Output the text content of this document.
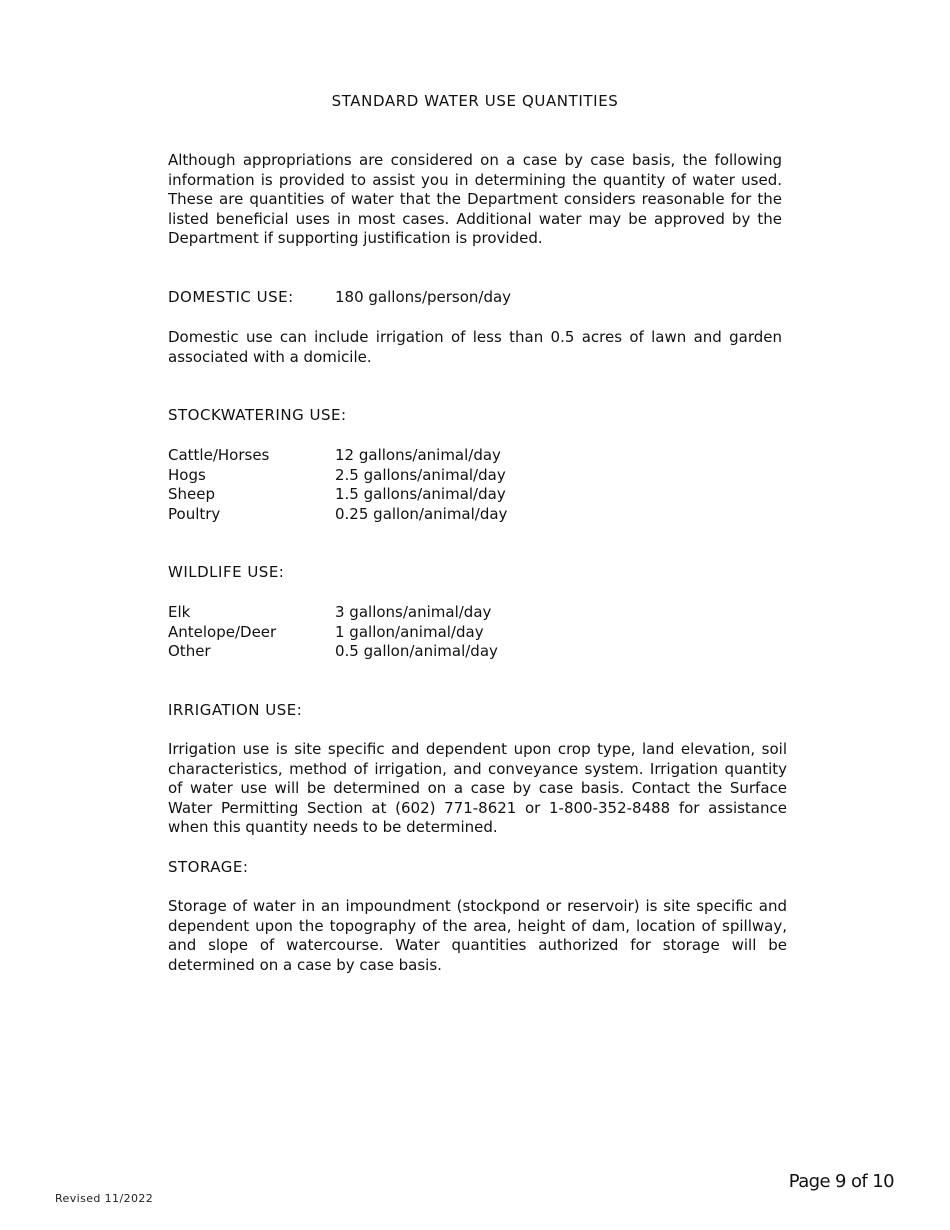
STANDARD WATER USE QUANTITIES
Although appropriations are considered on a case by case basis, the following information is provided to assist you in determining the quantity of water used. These are quantities of water that the Department considers reasonable for the listed beneficial uses in most cases. Additional water may be approved by the Department if supporting justification is provided.
DOMESTIC USE:	180 gallons/person/day
Domestic use can include irrigation of less than 0.5 acres of lawn and garden associated with a domicile.
STOCKWATERING USE:
Cattle/Horses	12 gallons/animal/day
Hogs	2.5 gallons/animal/day
Sheep	1.5 gallons/animal/day
Poultry	0.25 gallon/animal/day
WILDLIFE USE:
Elk	3 gallons/animal/day
Antelope/Deer	1 gallon/animal/day
Other	0.5 gallon/animal/day
IRRIGATION USE:
Irrigation use is site specific and dependent upon crop type, land elevation, soil characteristics, method of irrigation, and conveyance system. Irrigation quantity of water use will be determined on a case by case basis. Contact the Surface Water Permitting Section at (602) 771-8621 or 1-800-352-8488 for assistance when this quantity needs to be determined.
STORAGE:
Storage of water in an impoundment (stockpond or reservoir) is site specific and dependent upon the topography of the area, height of dam, location of spillway, and slope of watercourse. Water quantities authorized for storage will be determined on a case by case basis.
Page 9 of 10
Revised 11/2022
